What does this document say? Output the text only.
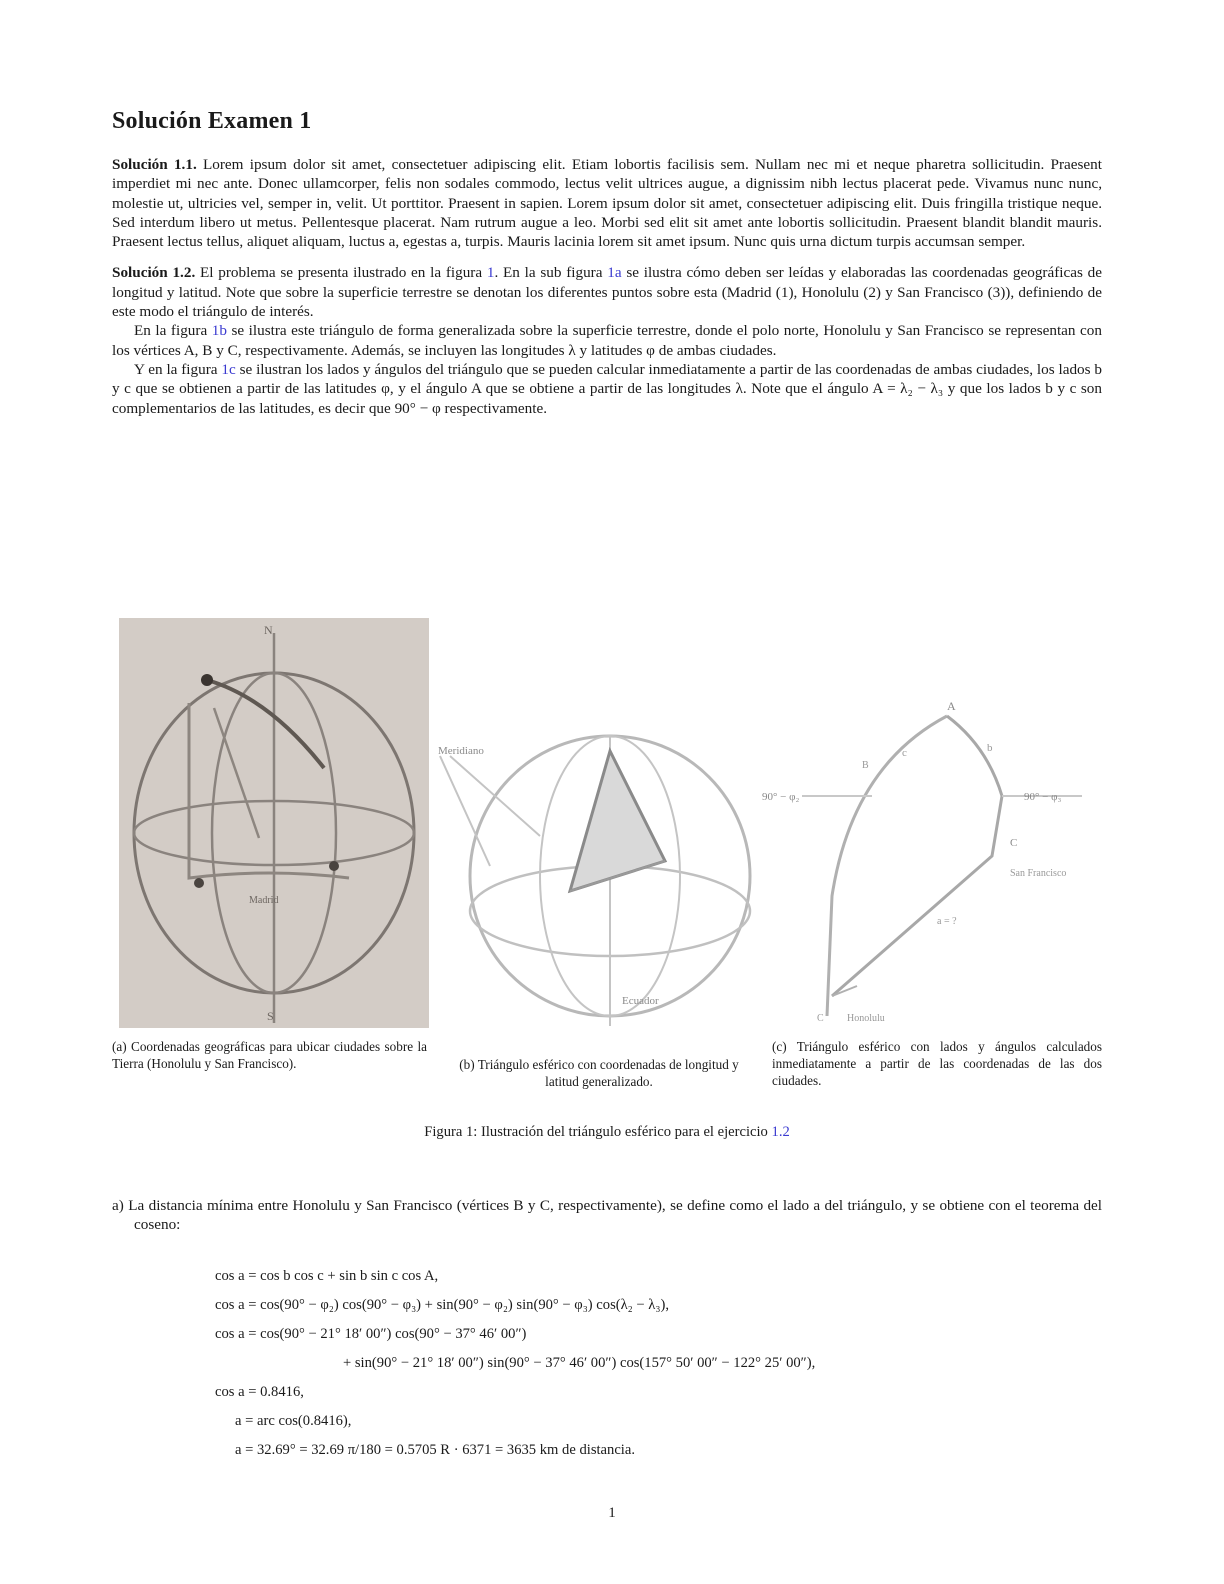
Solución Examen 1

Solución 1.1. Lorem ipsum dolor sit amet, consectetuer adipiscing elit. Etiam lobortis facilisis sem. Nullam nec mi et neque pharetra sollicitudin. Praesent imperdiet mi nec ante. Donec ullamcorper, felis non sodales commodo, lectus velit ultrices augue, a dignissim nibh lectus placerat pede. Vivamus nunc nunc, molestie ut, ultricies vel, semper in, velit. Ut porttitor. Praesent in sapien. Lorem ipsum dolor sit amet, consectetuer adipiscing elit. Duis fringilla tristique neque. Sed interdum libero ut metus. Pellentesque placerat. Nam rutrum augue a leo. Morbi sed elit sit amet ante lobortis sollicitudin. Praesent blandit blandit mauris. Praesent lectus tellus, aliquet aliquam, luctus a, egestas a, turpis. Mauris lacinia lorem sit amet ipsum. Nunc quis urna dictum turpis accumsan semper.

Solución 1.2. El problema se presenta ilustrado en la figura 1. En la sub figura 1a se ilustra cómo deben ser leídas y elaboradas las coordenadas geográficas de longitud y latitud. Note que sobre la superficie terrestre se denotan los diferentes puntos sobre esta (Madrid (1), Honolulu (2) y San Francisco (3)), definiendo de este modo el triángulo de interés.

En la figura 1b se ilustra este triángulo de forma generalizada sobre la superficie terrestre, donde el polo norte, Honolulu y San Francisco se representan con los vértices A, B y C, respectivamente. Además, se incluyen las longitudes λ y latitudes φ de ambas ciudades.

Y en la figura 1c se ilustran los lados y ángulos del triángulo que se pueden calcular inmediatamente a partir de las coordenadas de ambas ciudades, los lados b y c que se obtienen a partir de las latitudes φ, y el ángulo A que se obtiene a partir de las longitudes λ. Note que el ángulo A = λ₂ − λ₃ y que los lados b y c son complementarios de las latitudes, es decir que 90° − φ respectivamente.

N
S
Madrid
Meridiano
Ecuador
A
c	b
90° − φ₂	90° − φ₃
B
C
San Francisco
Honolulu
a = ?
C
(a) Coordenadas geográficas para ubicar ciudades sobre la Tierra (Honolulu y San Francisco).	(b) Triángulo esférico con coordenadas de longitud y latitud generalizado.
(c) Triángulo esférico con lados y ángulos calculados inmediatamente a partir de las coordenadas de las dos ciudades.
Figura 1: Ilustración del triángulo esférico para el ejercicio 1.2

a) La distancia mínima entre Honolulu y San Francisco (vértices B y C, respectivamente), se define como el lado a del triángulo, y se obtiene con el teorema del coseno:

cos a = cos b cos c + sin b sin c cos A,
cos a = cos(90° − φ₂) cos(90° − φ₃) + sin(90° − φ₂) sin(90° − φ₃) cos(λ₂ − λ₃),
cos a = cos(90° − 21° 18′ 00″) cos(90° − 37° 46′ 00″)
+ sin(90° − 21° 18′ 00″) sin(90° − 37° 46′ 00″) cos(157° 50′ 00″ − 122° 25′ 00″),
cos a = 0.8416,
a = arc cos(0.8416),
a = 32.69° = 32.69 π/180 = 0.5705 R · 6371 = 3635 km de distancia.
1
